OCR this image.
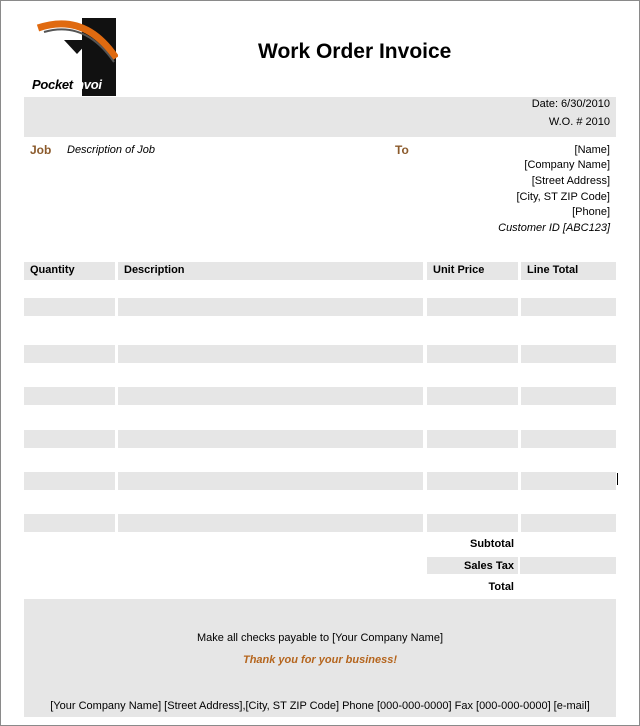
PocketInvoi
Work Order Invoice
Date: 6/30/2010
W.O. # 2010
Job Description of Job	To	[Name]
[Company Name]
[Street Address]
[City, ST ZIP Code]
[Phone]
Customer ID [ABC123]
Quantity	Description	Unit Price	Line Total
Subtotal
Sales Tax
Total
Make all checks payable to [Your Company Name]
Thank you for your business!
[Your Company Name] [Street Address],[City, ST ZIP Code] Phone [000-000-0000] Fax [000-000-0000] [e-mail]
